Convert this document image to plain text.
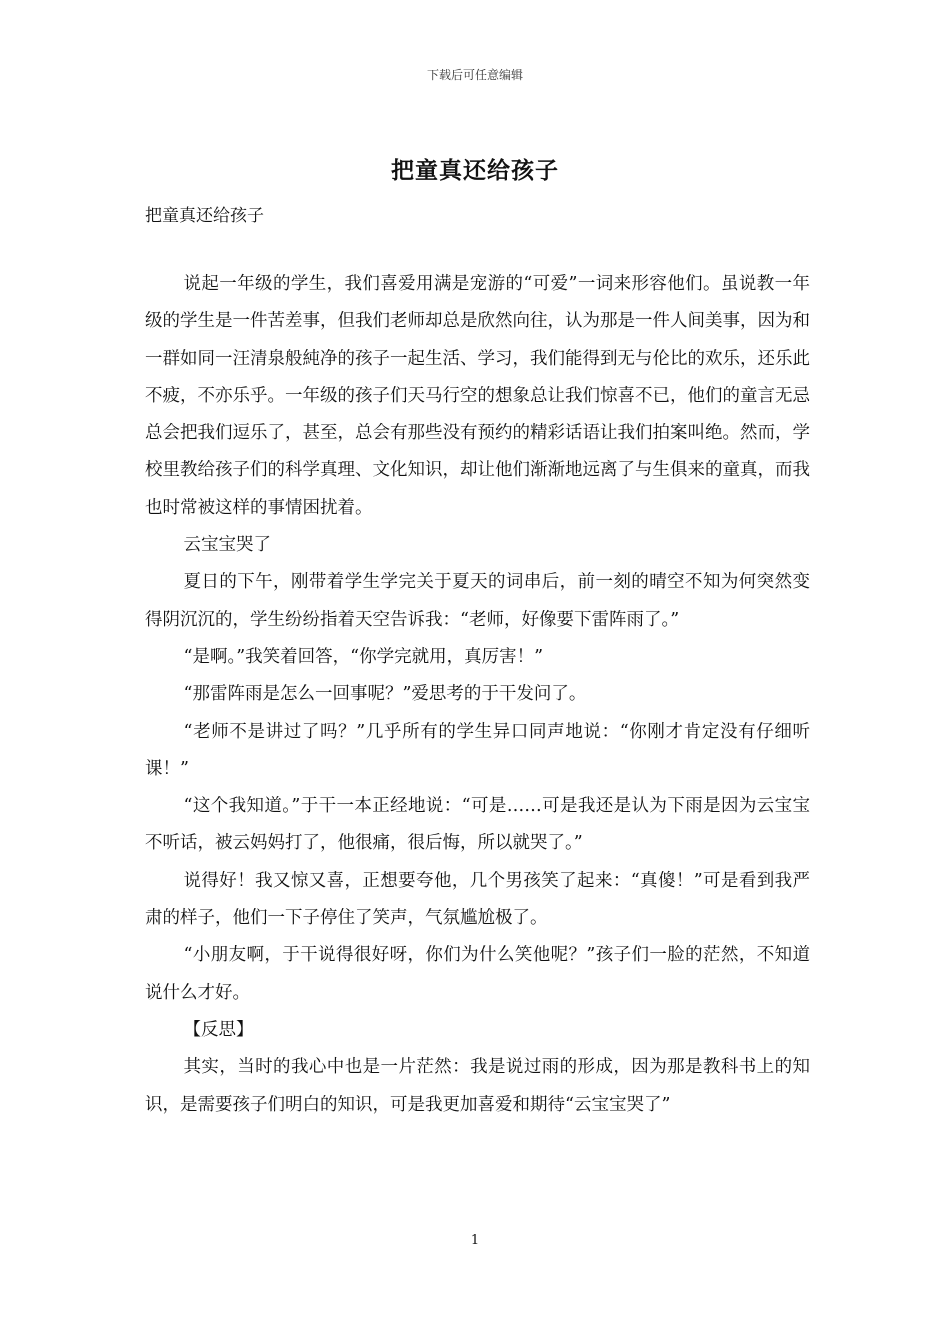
下载后可任意编辑
把童真还给孩子
把童真还给孩子

说起一年级的学生，我们喜爱用满是宠游的“可爱”一词来形容他们。虽说教一年级的学生是一件苦差事，但我们老师却总是欣然向往，认为那是一件人间美事，因为和一群如同一汪清泉般純净的孩子一起生活、学习，我们能得到无与伦比的欢乐，还乐此不疲，不亦乐乎。一年级的孩子们天马行空的想象总让我们惊喜不已，他们的童言无忌总会把我们逗乐了，甚至，总会有那些没有预约的精彩话语让我们拍案叫绝。然而，学校里教给孩子们的科学真理、文化知识，却让他们渐渐地远离了与生俱来的童真，而我也时常被这样的事情困扰着。

云宝宝哭了

夏日的下午，刚带着学生学完关于夏天的词串后，前一刻的晴空不知为何突然变得阴沉沉的，学生纷纷指着天空告诉我：“老师，好像要下雷阵雨了。”

“是啊。”我笑着回答，“你学完就用，真厉害！”

“那雷阵雨是怎么一回事呢？”爱思考的于干发问了。

“老师不是讲过了吗？”几乎所有的学生异口同声地说：“你刚才肯定没有仔细听课！”

“这个我知道。”于干一本正经地说：“可是……可是我还是认为下雨是因为云宝宝不听话，被云妈妈打了，他很痛，很后悔，所以就哭了。”

说得好！我又惊又喜，正想要夸他，几个男孩笑了起来：“真傻！”可是看到我严肃的样子，他们一下子停住了笑声，气氛尴尬极了。

“小朋友啊，于干说得很好呀，你们为什么笑他呢？”孩子们一脸的茫然，不知道说什么才好。

【反思】

其实，当时的我心中也是一片茫然：我是说过雨的形成，因为那是教科书上的知识，是需要孩子们明白的知识，可是我更加喜爱和期待“云宝宝哭了”

1
